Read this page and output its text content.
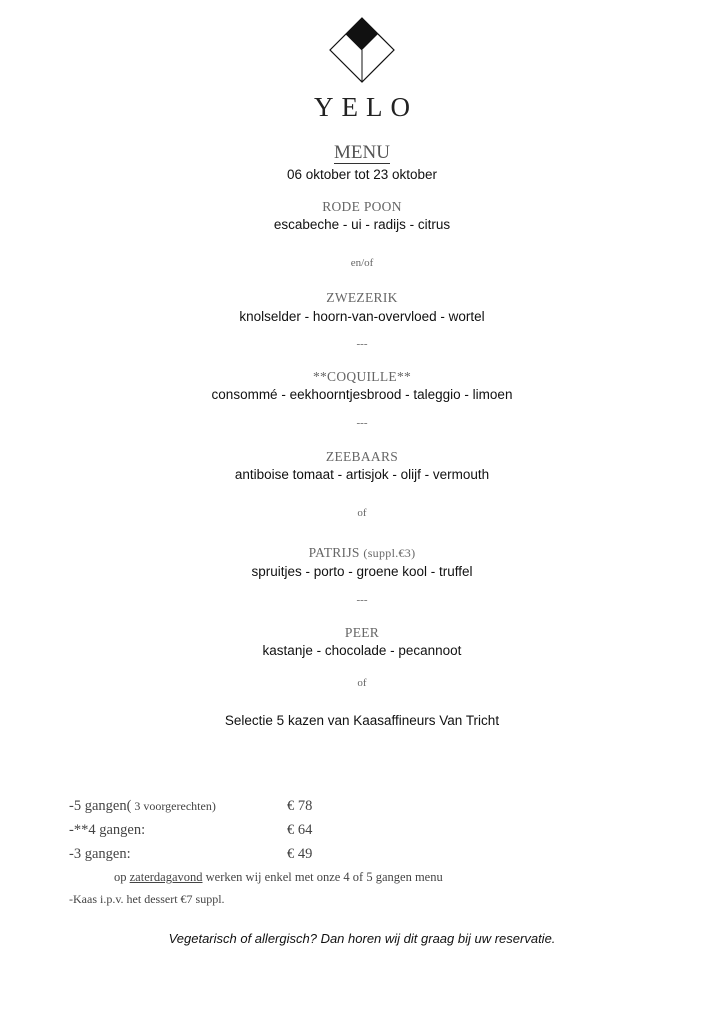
YELO
MENU
06 oktober tot 23 oktober
RODE POON
escabeche - ui - radijs - citrus
en/of
ZWEZERIK
knolselder - hoorn-van-overvloed - wortel
---
**COQUILLE**
consommé - eekhoorntjesbrood - taleggio - limoen
---
ZEEBAARS
antiboise tomaat - artisjok - olijf - vermouth
of
PATRIJS (suppl.€3)
spruitjes - porto - groene kool - truffel
---
PEER
kastanje - chocolade - pecannoot
of
Selectie 5 kazen van Kaasaffineurs Van Tricht
-5 gangen( 3 voorgerechten)	€ 78
-**4 gangen:	€ 64
-3 gangen:	€ 49
op zaterdagavond werken wij enkel met onze 4 of 5 gangen menu
-Kaas i.p.v. het dessert €7 suppl.
Vegetarisch of allergisch? Dan horen wij dit graag bij uw reservatie.
